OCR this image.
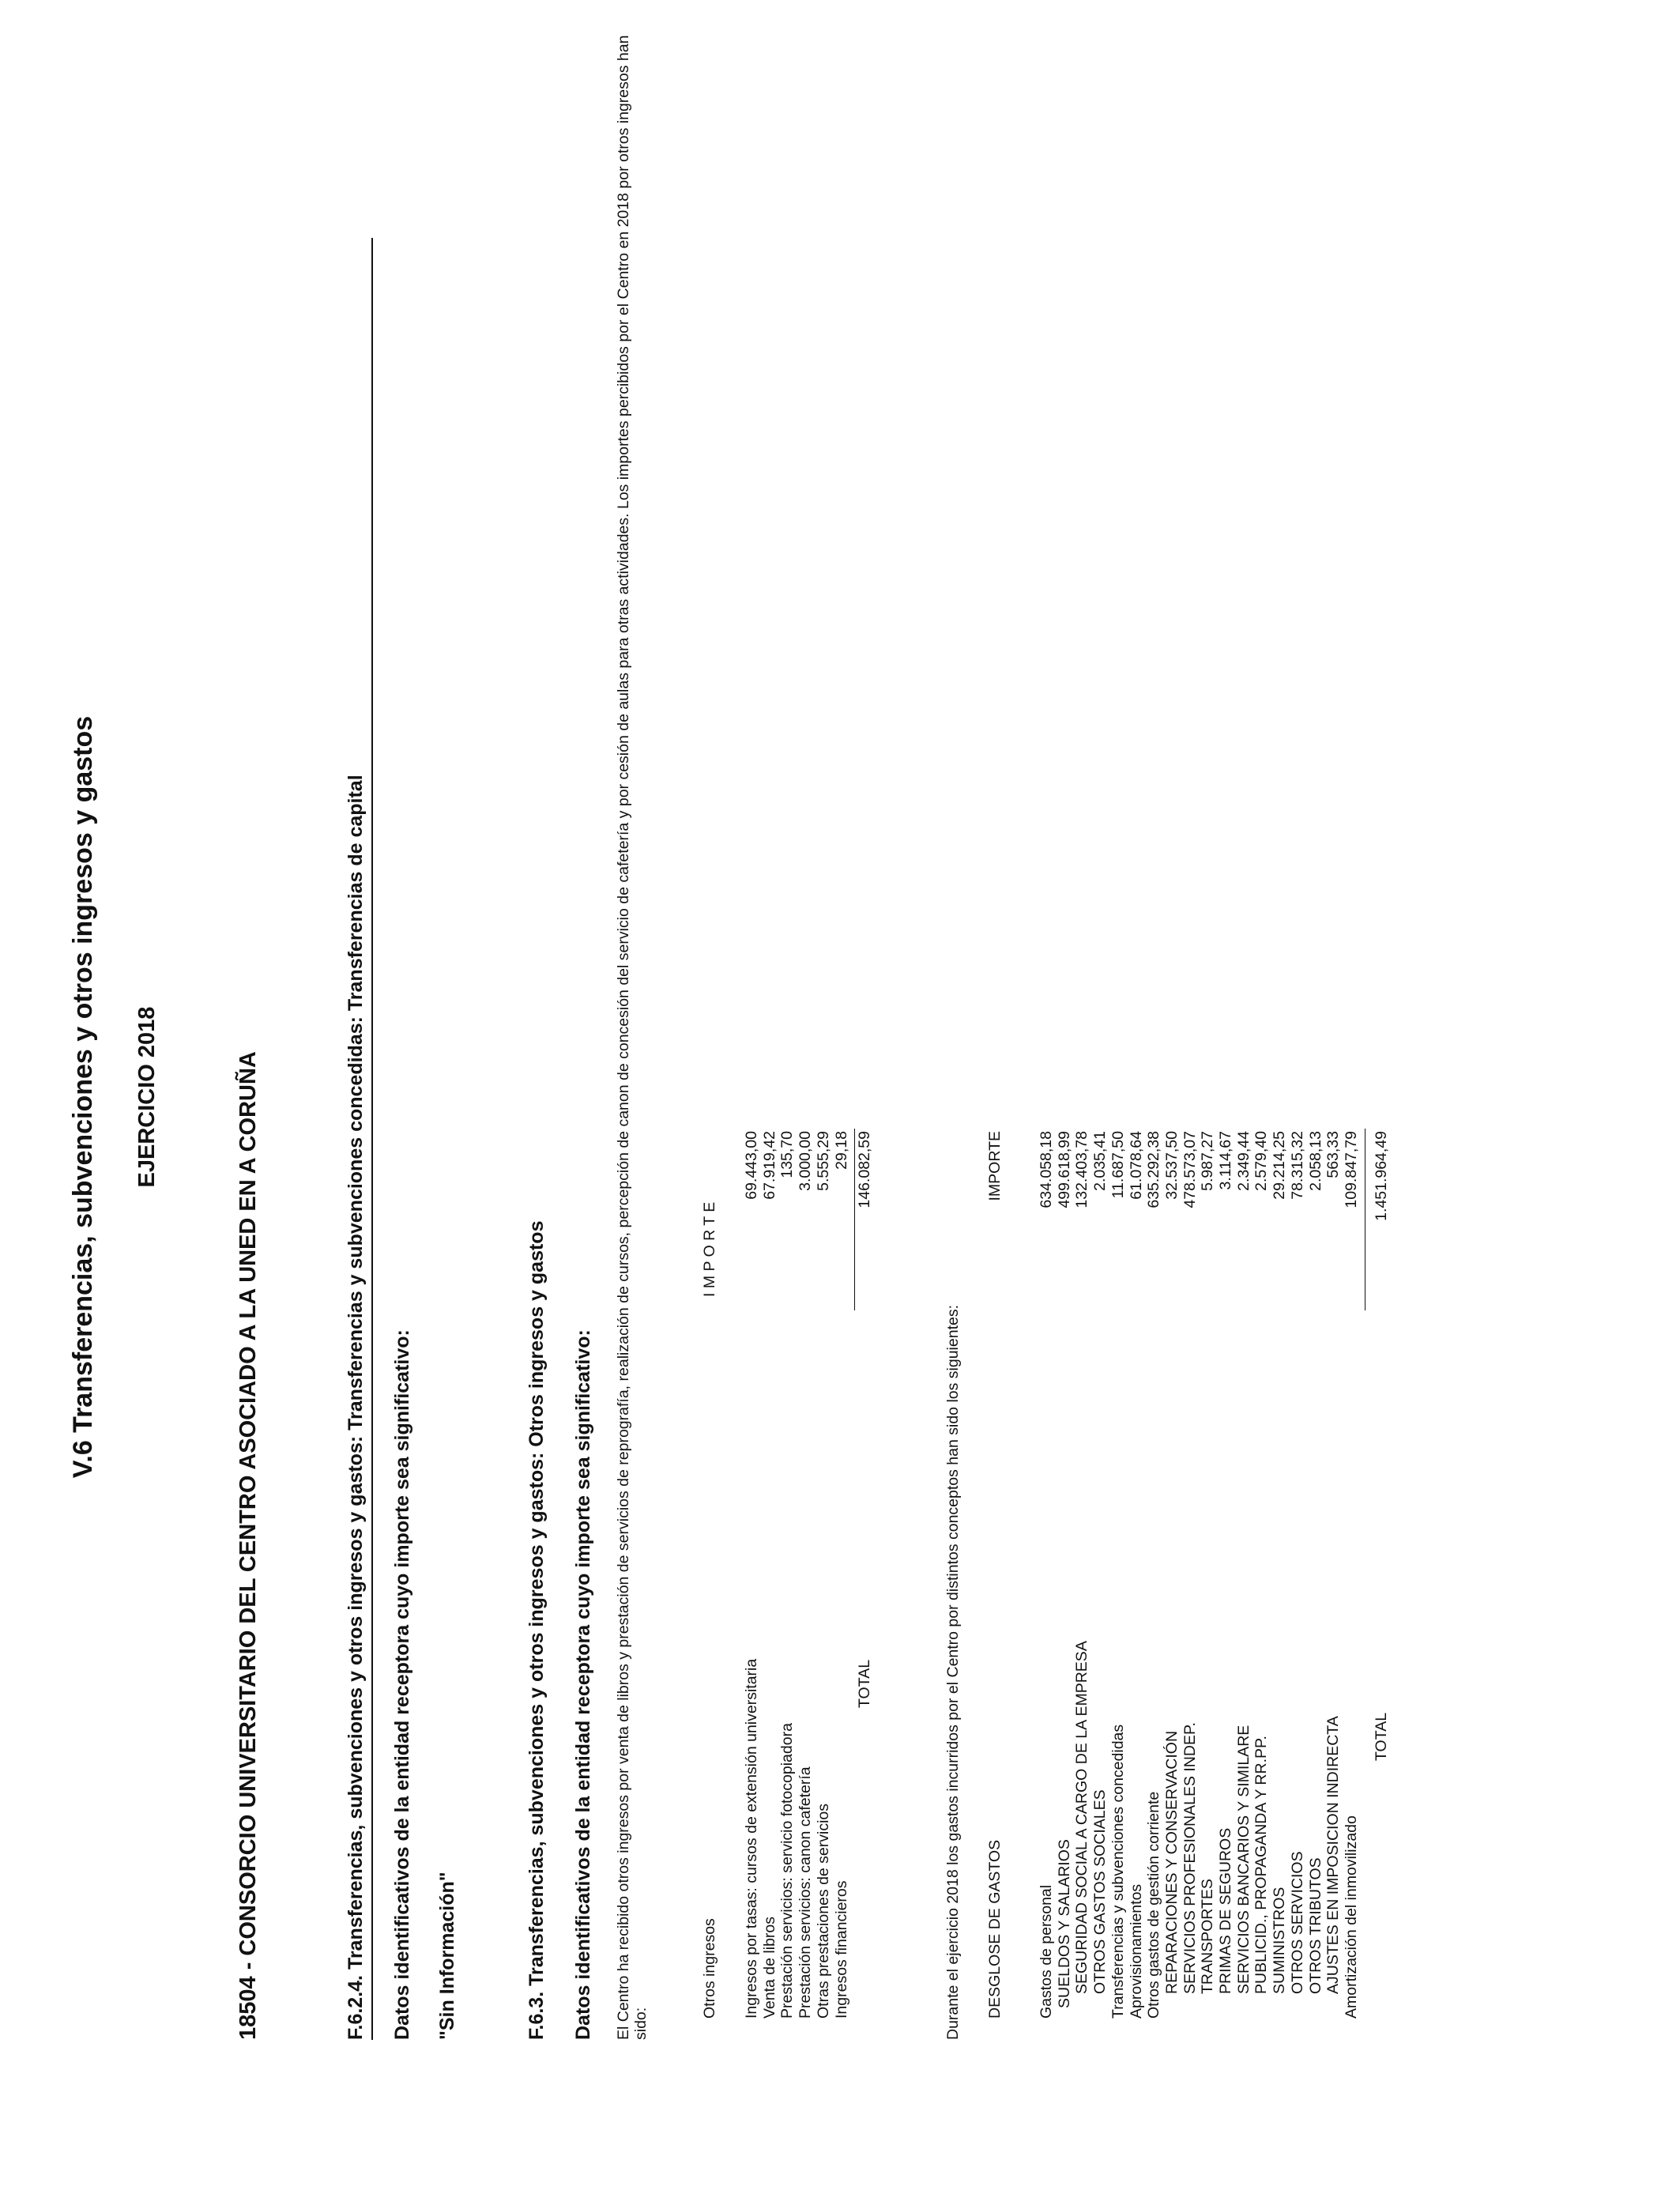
V.6 Transferencias, subvenciones y otros ingresos y gastos EJERCICIO 2018	18504 - CONSORCIO UNIVERSITARIO DEL CENTRO ASOCIADO A LA UNED EN A CORUÑA	F.6.2.4. Transferencias, subvenciones y otros ingresos y gastos: Transferencias y subvenciones concedidas: Transferencias de capital Datos identificativos de la entidad receptora cuyo importe sea significativo: "Sin Información"	F.6.3. Transferencias, subvenciones y otros ingresos y gastos: Otros ingresos y gastos Datos identificativos de la entidad receptora cuyo importe sea significativo: El Centro ha recibido otros ingresos por venta de libros y prestación de servicios de reprografía, realización de cursos, percepción de canon de concesión del servicio de cafetería y por cesión de aulas para otras actividades. Los importes percibidos por el Centro en 2018 por otros ingresos han sido:
Otros ingresos
I M P O R T E
Ingresos por tasas: cursos de extensión universitaria
69.443,00
Venta de libros
67.919,42
Prestación servicios: servicio fotocopiadora
135,70
Prestación servicios: canon cafetería
3.000,00
Otras prestaciones de servicios
5.555,29
Ingresos financieros
29,18
TOTAL
146.082,59
Durante el ejercicio 2018 los gastos incurridos por el Centro por distintos conceptos han sido los siguientes: DESGLOSE DE GASTOS
IMPORTE
Gastos de personal
634.058,18
SUELDOS Y SALARIOS
499.618,99
SEGURIDAD SOCIAL A CARGO DE LA EMPRESA
132.403,78
OTROS GASTOS SOCIALES
2.035,41
Transferencias y subvenciones concedidas
11.687,50
Aprovisionamientos
61.078,64
Otros gastos de gestión corriente
635.292,38
REPARACIONES Y CONSERVACIÓN
32.537,50
SERVICIOS PROFESIONALES INDEP.
478.573,07
TRANSPORTES
5.987,27
PRIMAS DE SEGUROS
3.114,67
SERVICIOS BANCARIOS Y SIMILARE
2.349,44
PUBLICID., PROPAGANDA Y RR.PP.
2.579,40
SUMINISTROS
29.214,25
OTROS SERVICIOS
78.315,32
OTROS TRIBUTOS
2.058,13
AJUSTES EN IMPOSICION INDIRECTA
563,33
Amortización del inmovilizado
109.847,79
TOTAL
1.451.964,49
